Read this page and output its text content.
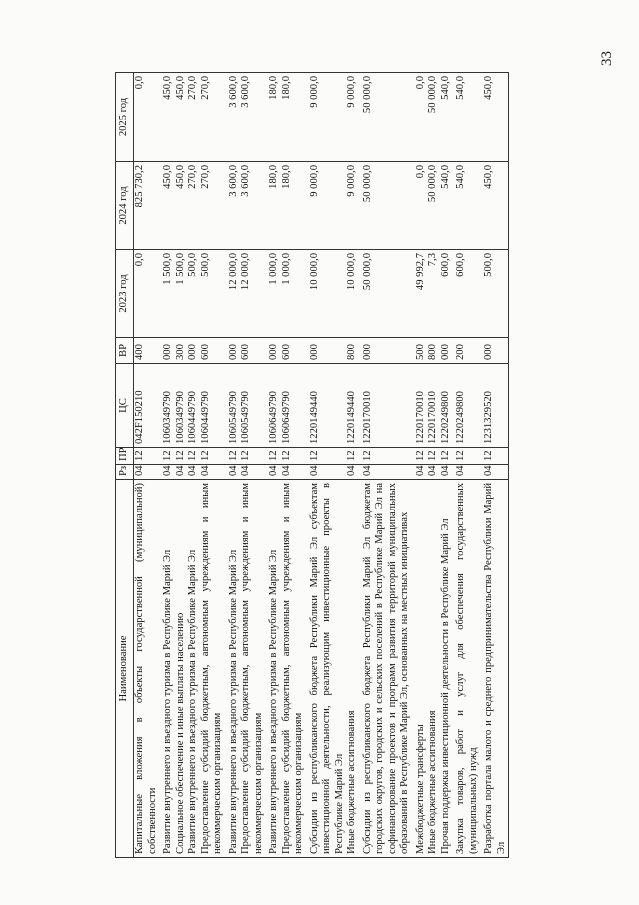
33
Наименование	Рз	ПР	ЦС	ВР	2023 год	2024 год	2025 год
Капитальные вложения в объекты государственной (муниципальной) собственности	04	12	042F150210	400	0,0	825 730,2	0,0
Развитие внутреннего и въездного туризма в Республике Марий Эл	04	12	1060349790	000	1 500,0	450,0	450,0
Социальное обеспечение и иные выплаты населению	04	12	1060349790	300	1 500,0	450,0	450,0
Развитие внутреннего и въездного туризма в Республике Марий Эл	04	12	1060449790	000	500,0	270,0	270,0
Предоставление субсидий бюджетным, автономным учреждениям и иным некоммерческим организациям	04	12	1060449790	600	500,0	270,0	270,0
Развитие внутреннего и въездного туризма в Республике Марий Эл	04	12	1060549790	000	12 000,0	3 600,0	3 600,0
Предоставление субсидий бюджетным, автономным учреждениям и иным некоммерческим организациям	04	12	1060549790	600	12 000,0	3 600,0	3 600,0
Развитие внутреннего и въездного туризма в Республике Марий Эл	04	12	1060649790	000	1 000,0	180,0	180,0
Предоставление субсидий бюджетным, автономным учреждениям и иным некоммерческим организациям	04	12	1060649790	600	1 000,0	180,0	180,0
Субсидии из республиканского бюджета Республики Марий Эл субъектам инвестиционной деятельности, реализующим инвестиционные проекты в Республике Марий Эл	04	12	1220149440	000	10 000,0	9 000,0	9 000,0
Иные бюджетные ассигнования	04	12	1220149440	800	10 000,0	9 000,0	9 000,0
Субсидии из республиканского бюджета Республики Марий Эл бюджетам городских округов, городских и сельских поселений в Республике Марий Эл на софинансирование проектов и программ развития территорий муниципальных образований в Республике Марий Эл, основанных на местных инициативах	04	12	1220170010	000	50 000,0	50 000,0	50 000,0
Межбюджетные трансферты	04	12	1220170010	500	49 992,7	0,0	0,0
Иные бюджетные ассигнования	04	12	1220170010	800	7,3	50 000,0	50 000,0
Прочая поддержка инвестиционной деятельности в Республике Марий Эл	04	12	1220249800	000	600,0	540,0	540,0
Закупка товаров, работ и услуг для обеспечения государственных (муниципальных) нужд	04	12	1220249800	200	600,0	540,0	540,0
Разработка портала малого и среднего предпринимательства Республики Марий Эл	04	12	1231329520	000	500,0	450,0	450,0
